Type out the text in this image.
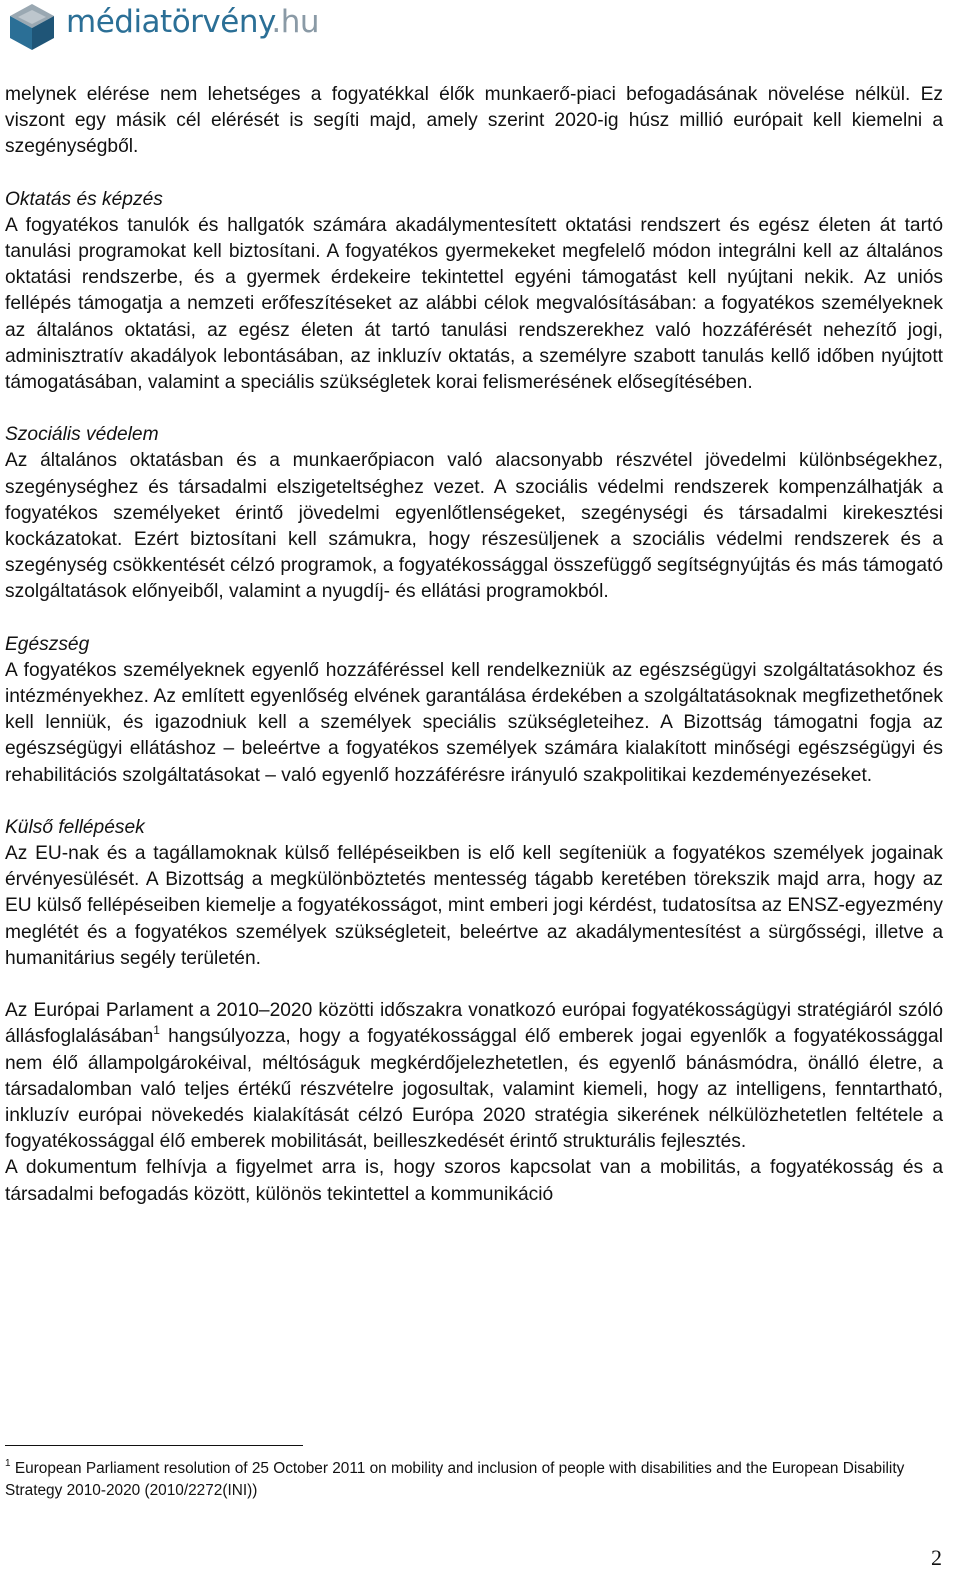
médiatörvény.hu

melynek elérése nem lehetséges a fogyatékkal élők munkaerő-piaci befogadásának növelése nélkül. Ez viszont egy másik cél elérését is segíti majd, amely szerint 2020-ig húsz millió európait kell kiemelni a szegénységből.

Oktatás és képzés

A fogyatékos tanulók és hallgatók számára akadálymentesített oktatási rendszert és egész életen át tartó tanulási programokat kell biztosítani. A fogyatékos gyermekeket megfelelő módon integrálni kell az általános oktatási rendszerbe, és a gyermek érdekeire tekintettel egyéni támogatást kell nyújtani nekik. Az uniós fellépés támogatja a nemzeti erőfeszítéseket az alábbi célok megvalósításában: a fogyatékos személyeknek az általános oktatási, az egész életen át tartó tanulási rendszerekhez való hozzáférését nehezítő jogi, adminisztratív akadályok lebontásában, az inkluzív oktatás, a személyre szabott tanulás kellő időben nyújtott támogatásában, valamint a speciális szükségletek korai felismerésének elősegítésében.

Szociális védelem

Az általános oktatásban és a munkaerőpiacon való alacsonyabb részvétel jövedelmi különbségekhez, szegénységhez és társadalmi elszigeteltséghez vezet. A szociális védelmi rendszerek kompenzálhatják a fogyatékos személyeket érintő jövedelmi egyenlőtlenségeket, szegénységi és társadalmi kirekesztési kockázatokat. Ezért biztosítani kell számukra, hogy részesüljenek a szociális védelmi rendszerek és a szegénység csökkentését célzó programok, a fogyatékossággal összefüggő segítségnyújtás és más támogató szolgáltatások előnyeiből, valamint a nyugdíj- és ellátási programokból.

Egészség

A fogyatékos személyeknek egyenlő hozzáféréssel kell rendelkezniük az egészségügyi szolgáltatásokhoz és intézményekhez. Az említett egyenlőség elvének garantálása érdekében a szolgáltatásoknak megfizethetőnek kell lenniük, és igazodniuk kell a személyek speciális szükségleteihez. A Bizottság támogatni fogja az egészségügyi ellátáshoz – beleértve a fogyatékos személyek számára kialakított minőségi egészségügyi és rehabilitációs szolgáltatásokat – való egyenlő hozzáférésre irányuló szakpolitikai kezdeményezéseket.

Külső fellépések

Az EU-nak és a tagállamoknak külső fellépéseikben is elő kell segíteniük a fogyatékos személyek jogainak érvényesülését. A Bizottság a megkülönböztetés mentesség tágabb keretében törekszik majd arra, hogy az EU külső fellépéseiben kiemelje a fogyatékosságot, mint emberi jogi kérdést, tudatosítsa az ENSZ-egyezmény meglétét és a fogyatékos személyek szükségleteit, beleértve az akadálymentesítést a sürgősségi, illetve a humanitárius segély területén.

Az Európai Parlament a 2010–2020 közötti időszakra vonatkozó európai fogyatékosságügyi stratégiáról szóló állásfoglalásában$^1$ hangsúlyozza, hogy a fogyatékossággal élő emberek jogai egyenlők a fogyatékossággal nem élő állampolgárokéival, méltóságuk megkérdőjelezhetetlen, és egyenlő bánásmódra, önálló életre, a társadalomban való teljes értékű részvételre jogosultak, valamint kiemeli, hogy az intelligens, fenntartható, inkluzív európai növekedés kialakítását célzó Európa 2020 stratégia sikerének nélkülözhetetlen feltétele a fogyatékossággal élő emberek mobilitását, beilleszkedését érintő strukturális fejlesztés.

A dokumentum felhívja a figyelmet arra is, hogy szoros kapcsolat van a mobilitás, a fogyatékosság és a társadalmi befogadás között, különös tekintettel a kommunikáció

$^1$ European Parliament resolution of 25 October 2011 on mobility and inclusion of people with disabilities and the European Disability Strategy 2010-2020 (2010/2272(INI))
2
